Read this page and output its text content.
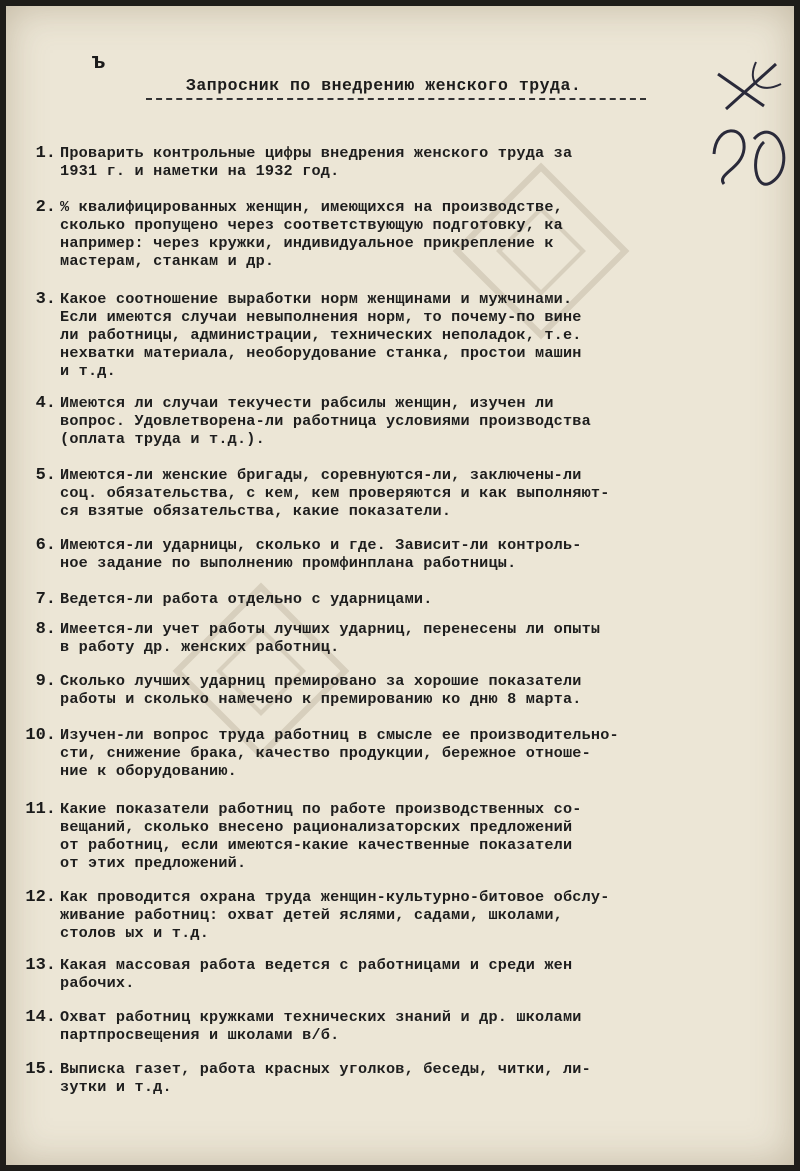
ъ
Запросник по внедрению женского труда.
1. Проварить контрольные цифры внедрения женского труда за
1931 г. и наметки на 1932 год.
2. % квалифицированных женщин, имеющихся на производстве,
сколько пропущено через соответствующую подготовку, ка
например: через кружки, индивидуальное прикрепление к
мастерам, станкам и др.
3. Какое соотношение выработки норм женщинами и мужчинами.
Если имеются случаи невыполнения норм, то почему-по вине
ли работницы, администрации, технических неполадок, т.е.
нехватки материала, необорудование станка, простои машин
и т.д.
4. Имеются ли случаи текучести рабсилы женщин, изучен ли
вопрос. Удовлетворена-ли работница условиями производства
(оплата труда и т.д.).
5. Имеются-ли женские бригады, соревнуются-ли, заключены-ли
соц. обязательства, с кем, кем проверяются и как выполняют-
ся взятые обязательства, какие показатели.
6. Имеются-ли ударницы, сколько и где. Зависит-ли контроль-
ное задание по выполнению промфинплана работницы.
7. Ведется-ли работа отдельно с ударницами.
8. Имеется-ли учет работы лучших ударниц, перенесены ли опыты
в работу др. женских работниц.
9. Сколько лучших ударниц премировано за хорошие показатели
работы и сколько намечено к премированию ко дню 8 марта.
10. Изучен-ли вопрос труда работниц в смысле ее производительно-
сти, снижение брака, качество продукции, бережное отноше-
ние к оборудованию.
11. Какие показатели работниц по работе производственных со-
вещаний, сколько внесено рационализаторских предложений
от работниц, если имеются-какие качественные показатели
от этих предложений.
12. Как проводится охрана труда женщин-культурно-битовое обслу-
живание работниц: охват детей яслями, садами, школами,
столов ых и т.д.
13. Какая массовая работа ведется с работницами и среди жен
рабочих.
14. Охват работниц кружками технических знаний и др. школами
партпросвещения и школами в/б.
15. Выписка газет, работа красных уголков, беседы, читки, ли-
зутки и т.д.
